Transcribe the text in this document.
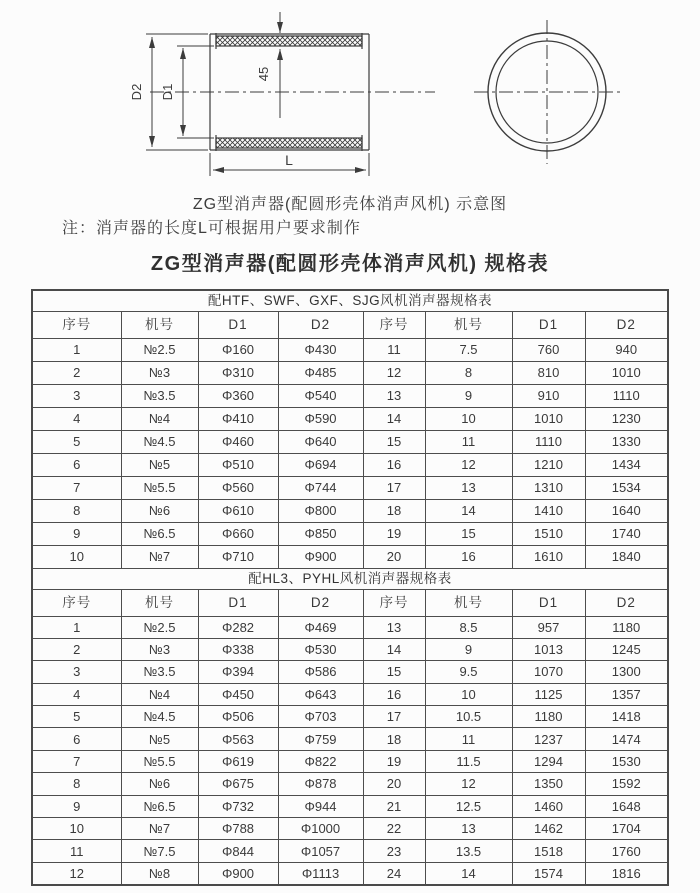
D2 D1
45
L
ZG型消声器(配圆形壳体消声风机) 示意图
注：消声器的长度L可根据用户要求制作
ZG型消声器(配圆形壳体消声风机) 规格表
配HTF、SWF、GXF、SJG风机消声器规格表							
序号	机号	D1	D2	序号	机号	D1	D2
1	№2.5	Φ160	Φ430	11	7.5	760	940
2	№3	Φ310	Φ485	12	8	810	1010
3	№3.5	Φ360	Φ540	13	9	910	1110
4	№4	Φ410	Φ590	14	10	1010	1230
5	№4.5	Φ460	Φ640	15	11	1110	1330
6	№5	Φ510	Φ694	16	12	1210	1434
7	№5.5	Φ560	Φ744	17	13	1310	1534
8	№6	Φ610	Φ800	18	14	1410	1640
9	№6.5	Φ660	Φ850	19	15	1510	1740
10	№7	Φ710	Φ900	20	16	1610	1840
配HL3、PYHL风机消声器规格表							
序号	机号	D1	D2	序号	机号	D1	D2
1	№2.5	Φ282	Φ469	13	8.5	957	1180
2	№3	Φ338	Φ530	14	9	1013	1245
3	№3.5	Φ394	Φ586	15	9.5	1070	1300
4	№4	Φ450	Φ643	16	10	1125	1357
5	№4.5	Φ506	Φ703	17	10.5	1180	1418
6	№5	Φ563	Φ759	18	11	1237	1474
7	№5.5	Φ619	Φ822	19	11.5	1294	1530
8	№6	Φ675	Φ878	20	12	1350	1592
9	№6.5	Φ732	Φ944	21	12.5	1460	1648
10	№7	Φ788	Φ1000	22	13	1462	1704
11	№7.5	Φ844	Φ1057	23	13.5	1518	1760
12	№8	Φ900	Φ1113	24	14	1574	1816
